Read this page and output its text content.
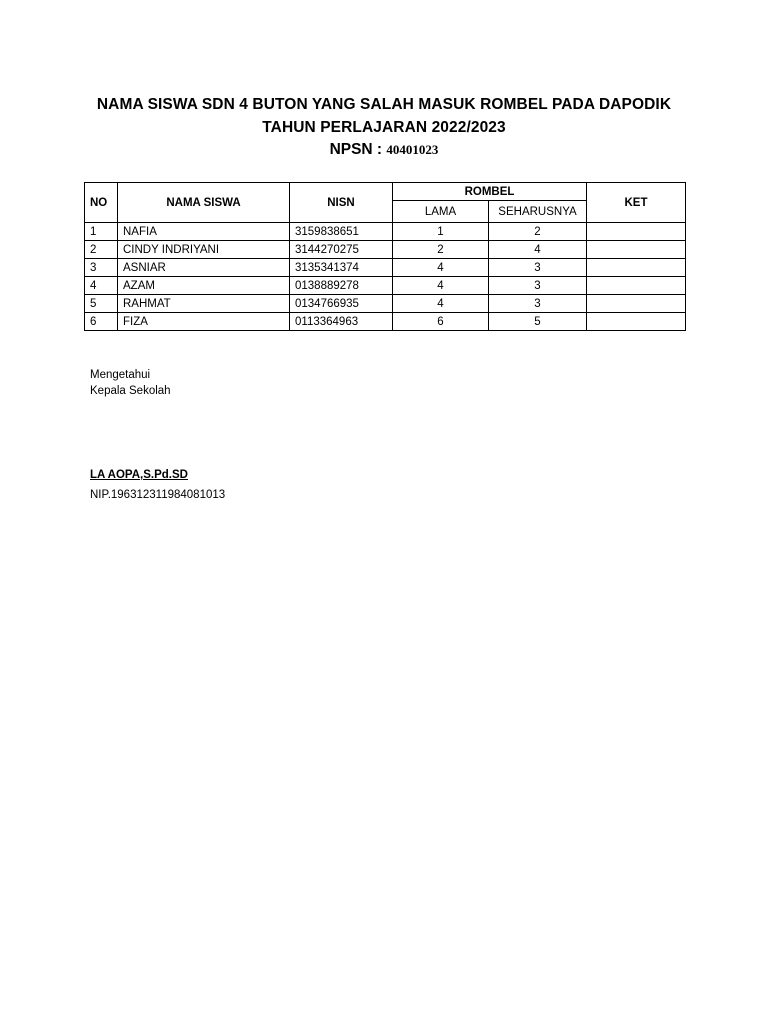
NAMA SISWA SDN 4 BUTON YANG SALAH MASUK ROMBEL PADA DAPODIK
TAHUN PERLAJARAN 2022/2023
NPSN : 40401023
NO	NAMA SISWA	NISN	ROMBEL		KET
			LAMA	SEHARUSNYA	
1	NAFIA	3159838651	1	2	
2	CINDY INDRIYANI	3144270275	2	4	
3	ASNIAR	3135341374	4	3	
4	AZAM	0138889278	4	3	
5	RAHMAT	0134766935	4	3	
6	FIZA	0113364963	6	5	
Mengetahui
Kepala Sekolah
LA AOPA,S.Pd.SD
NIP.196312311984081013
